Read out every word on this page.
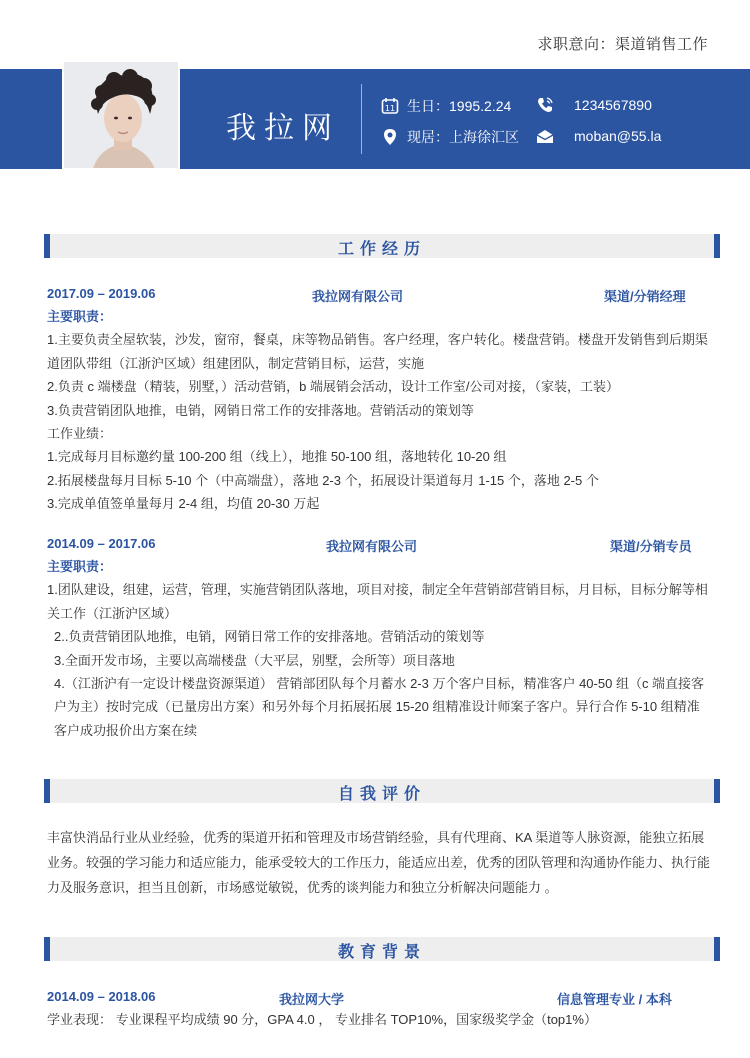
求职意向：渠道销售工作
我拉网
11 生日：1995.2.24	1234567890
现居：上海徐汇区	moban@55.la
工作经历
2017.09 – 2019.06	我拉网有限公司	渠道/分销经理

主要职责：

1.主要负责全屋软装，沙发，窗帘，餐桌，床等物品销售。客户经理，客户转化。楼盘营销。楼盘开发销售到后期渠道团队带组（江浙沪区域）组建团队，制定营销目标，运营，实施

2.负责 c 端楼盘（精装，别墅，）活动营销，b 端展销会活动，设计工作室/公司对接，（家装，工装）

3.负责营销团队地推，电销，网销日常工作的安排落地。营销活动的策划等

工作业绩：

1.完成每月目标邀约量 100-200 组（线上），地推 50-100 组，落地转化 10-20 组

2.拓展楼盘每月目标 5-10 个（中高端盘），落地 2-3 个，拓展设计渠道每月 1-15 个，落地 2-5 个

3.完成单值签单量每月 2-4 组，均值 20-30 万起

2014.09 – 2017.06	我拉网有限公司	渠道/分销专员

主要职责：

1.团队建设，组建，运营，管理，实施营销团队落地，项目对接，制定全年营销部营销目标，月目标，目标分解等相关工作（江浙沪区域）

2..负责营销团队地推，电销，网销日常工作的安排落地。营销活动的策划等

3.全面开发市场，主要以高端楼盘（大平层，别墅，会所等）项目落地

4.（江浙沪有一定设计楼盘资源渠道） 营销部团队每个月蓄水 2-3 万个客户目标，精准客户 40-50 组（c 端直接客户为主）按时完成（已量房出方案）和另外每个月拓展拓展 15-20 组精准设计师案子客户。异行合作 5-10 组精准客户成功报价出方案在续

自我评价

丰富快消品行业从业经验，优秀的渠道开拓和管理及市场营销经验，具有代理商、KA 渠道等人脉资源，能独立拓展业务。较强的学习能力和适应能力，能承受较大的工作压力，能适应出差，优秀的团队管理和沟通协作能力、执行能力及服务意识，担当且创新，市场感觉敏锐，优秀的谈判能力和独立分析解决问题能力 。

教育背景
2014.09 – 2018.06	我拉网大学	信息管理专业 / 本科

学业表现： 专业课程平均成绩 90 分，GPA 4.0 ， 专业排名 TOP10%，国家级奖学金（top1%）
